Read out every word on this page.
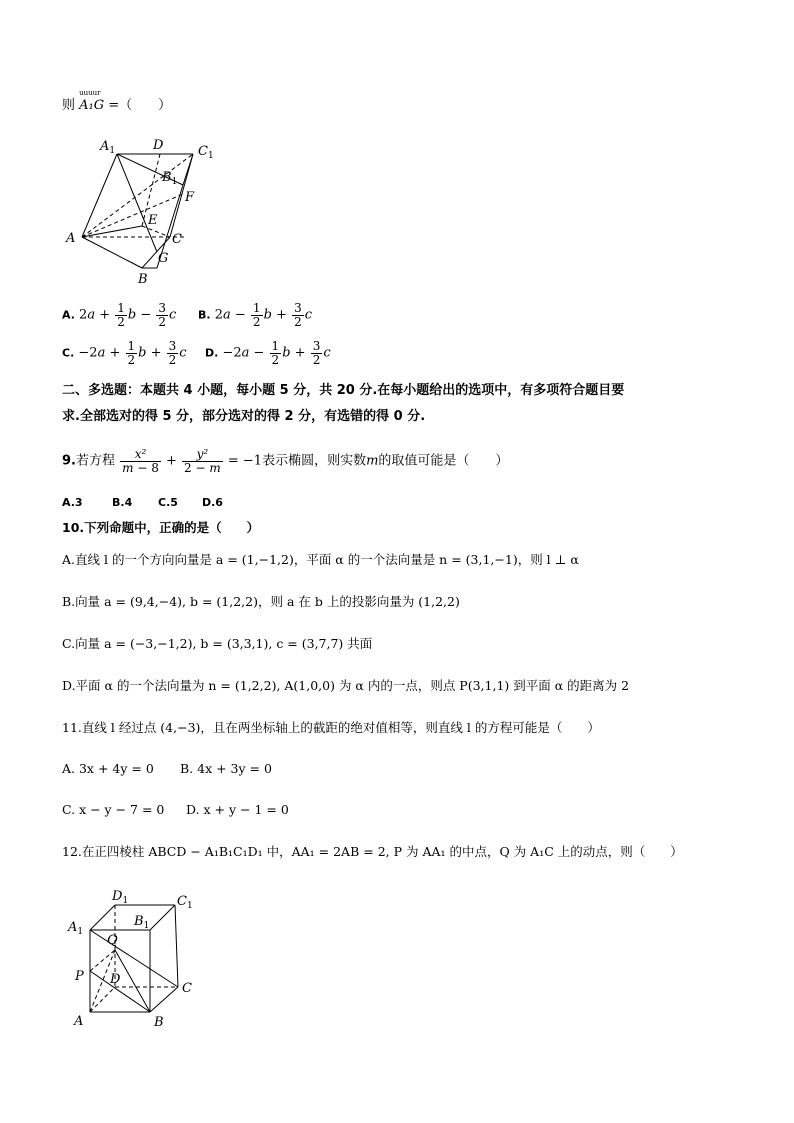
则
uuuur
A₁G =（　　）
$A_1$	D	$C_1$
$B_1$
F
E
A	C
G
B
A. $2a + \frac{1}{2}$ $b - \frac{3}{2}$ c B. $2a - \frac{1}{2}$ $b + \frac{3}{2}$ c
C. $-2a + \frac{1}{2}$ $b + \frac{3}{2}$ c D. $-2a - \frac{1}{2}$ $b + \frac{3}{2}$ c
二、多选题：本题共 4 小题，每小题 5 分，共 20 分.在每小题给出的选项中，有多项符合题目要
求.全部选对的得 5 分，部分选对的得 2 分，有选错的得 0 分.
9.若方程 $\frac{\text{x²}}{m - 8} + \frac{\text{y²}}{2 - m} = -1$表示椭圆，则实数m的取值可能是（　　）
A.3	B.4 C.5 D.6
10.下列命题中，正确的是（　　）
A.直线 l 的一个方向向量是 a = (1,−1,2)，平面 α 的一个法向量是 n = (3,1,−1)，则 l ⊥ α
B.向量 a = (9,4,−4), b = (1,2,2)，则 a 在 b 上的投影向量为 (1,2,2)
C.向量 a = (−3,−1,2), b = (3,3,1), c = (3,7,7) 共面
D.平面 α 的一个法向量为 n = (1,2,2), A(1,0,0) 为 α 内的一点，则点 P(3,1,1) 到平面 α 的距离为 2
11.直线 l 经过点 (4,−3)，且在两坐标轴上的截距的绝对值相等，则直线 l 的方程可能是（　　）
A. 3x + 4y = 0 B. 4x + 3y = 0
C. x − y − 7 = 0 D. x + y − 1 = 0
12.在正四棱柱 ABCD − A₁B₁C₁D₁ 中，AA₁ = 2AB = 2, P 为 AA₁ 的中点，Q 为 A₁C 上的动点，则（　　）
$D_1$	$C_1$
$B_1$
$A_1$
Q
D
P
C
A	B
